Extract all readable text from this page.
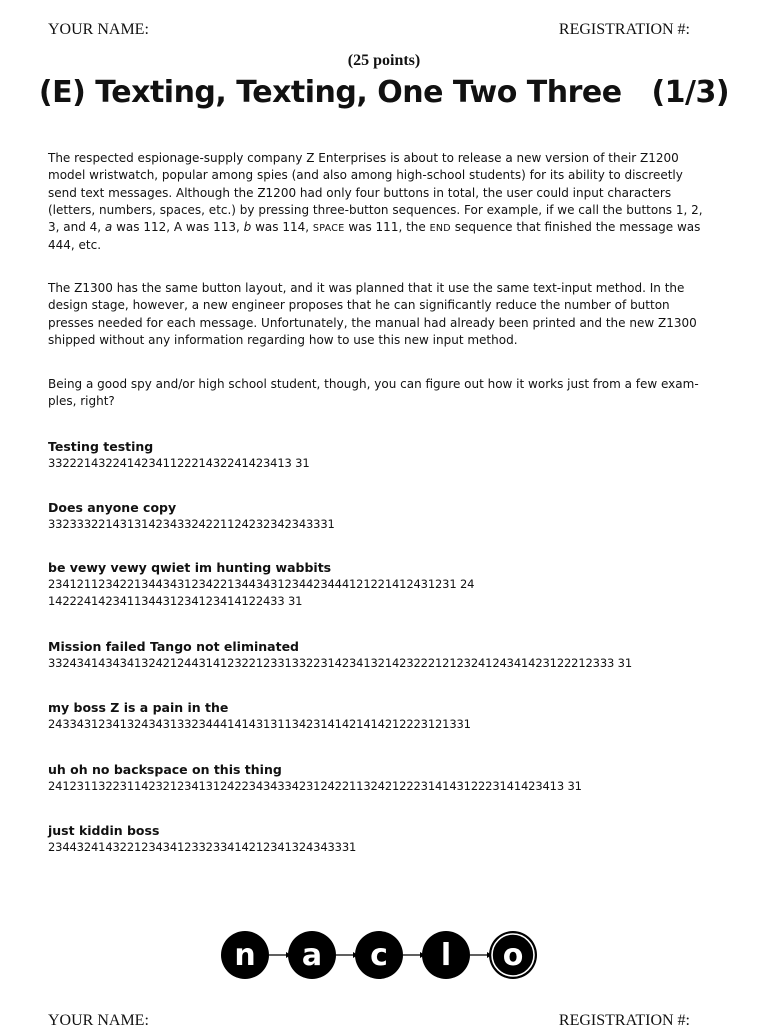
YOUR NAME:	REGISTRATION #:
(25 points)
(E) Texting, Texting, One Two Three   (1/3)

The respected espionage-supply company Z Enterprises is about to release a new version of their Z1200 model wristwatch, popular among spies (and also among high-school students) for its ability to discreetly send text messages. Although the Z1200 had only four buttons in total, the user could input characters (letters, numbers, spaces, etc.) by pressing three-button sequences. For example, if we call the buttons 1, 2, 3, and 4, a was 112, A was 113, b was 114, SPACE was 111, the END sequence that finished the message was 444, etc.

The Z1300 has the same button layout, and it was planned that it use the same text-input method. In the design stage, however, a new engineer proposes that he can significantly reduce the number of button presses needed for each message. Unfortunately, the manual had already been printed and the new Z1300 shipped without any information regarding how to use this new input method.

Being a good spy and/or high school student, though, you can figure out how it works just from a few exam-ples, right?

Testing testing
3322214322414234112221432241423413 31
Does anyone copy
3323332214313142343324221124232342343331
be vewy vewy qwiet im hunting wabbits
234121123422134434312342213443431234423444121221412431231 24
142224142341134431234123414122433 31
Mission failed Tango not eliminated
3324341434341324212443141232212331332231423413214232221212324124341423122212333 31
my boss Z is a pain in the
24334312341324343133234441414313113423141421414212223121331
uh oh no backspace on this thing
241231132231142321234131242234343342312422113242122231414312223141423413 31
just kiddin boss
2344324143221234341233233414212341324343331
n a c l o
YOUR NAME:	REGISTRATION #:
